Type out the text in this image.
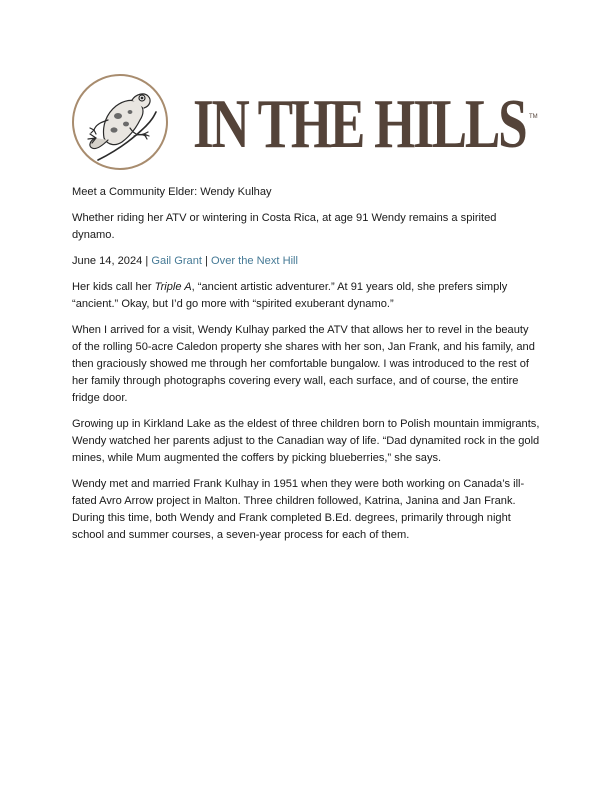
IN THE HILLS TM

Meet a Community Elder: Wendy Kulhay

Whether riding her ATV or wintering in Costa Rica, at age 91 Wendy remains a spirited dynamo.

June 14, 2024 | Gail Grant | Over the Next Hill

Her kids call her Triple A, “ancient artistic adventurer.” At 91 years old, she prefers simply “ancient.” Okay, but I’d go more with “spirited exuberant dynamo.”

When I arrived for a visit, Wendy Kulhay parked the ATV that allows her to revel in the beauty of the rolling 50-acre Caledon property she shares with her son, Jan Frank, and his family, and then graciously showed me through her comfortable bungalow. I was introduced to the rest of her family through photographs covering every wall, each surface, and of course, the entire fridge door.

Growing up in Kirkland Lake as the eldest of three children born to Polish mountain immigrants, Wendy watched her parents adjust to the Canadian way of life. “Dad dynamited rock in the gold mines, while Mum augmented the coffers by picking blueberries,” she says.

Wendy met and married Frank Kulhay in 1951 when they were both working on Canada’s ill-fated Avro Arrow project in Malton. Three children followed, Katrina, Janina and Jan Frank. During this time, both Wendy and Frank completed B.Ed. degrees, primarily through night school and summer courses, a seven-year process for each of them.
